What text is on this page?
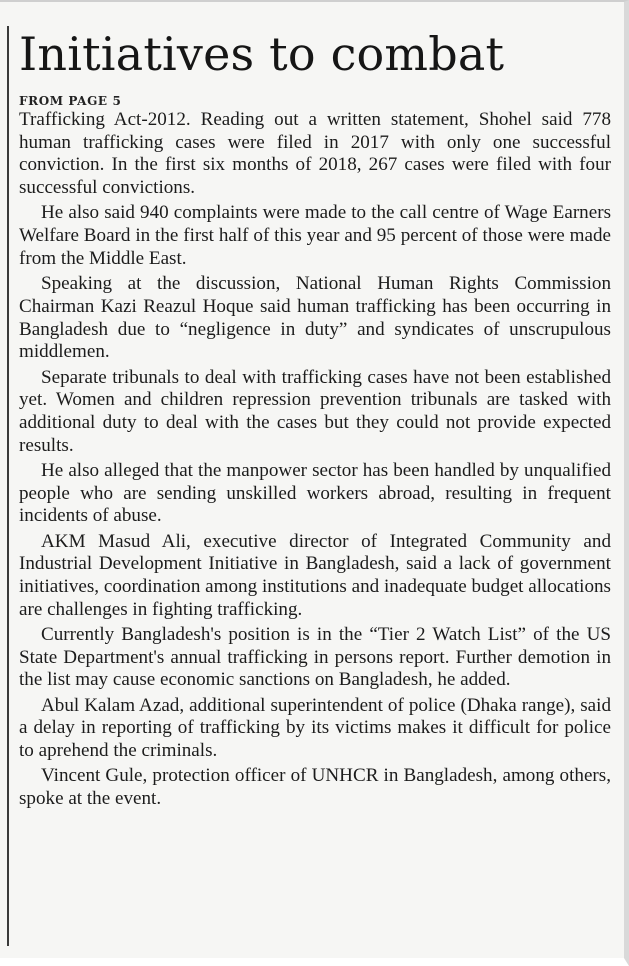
Initiatives to combat
FROM PAGE 5

Trafficking Act-2012. Reading out a written statement, Shohel said 778 human trafficking cases were filed in 2017 with only one successful conviction. In the first six months of 2018, 267 cases were filed with four successful convictions.

He also said 940 complaints were made to the call centre of Wage Earners Welfare Board in the first half of this year and 95 percent of those were made from the Middle East.

Speaking at the discussion, National Human Rights Commission Chairman Kazi Reazul Hoque said human trafficking has been occurring in Bangladesh due to “negligence in duty” and syndicates of unscrupulous middlemen.

Separate tribunals to deal with trafficking cases have not been established yet. Women and children repression prevention tribunals are tasked with additional duty to deal with the cases but they could not provide expected results.

He also alleged that the manpower sector has been handled by unqualified people who are sending unskilled workers abroad, resulting in frequent incidents of abuse.

AKM Masud Ali, executive director of Integrated Community and Industrial Development Initiative in Bangladesh, said a lack of government initiatives, coordination among institutions and inadequate budget allocations are challenges in fighting trafficking.

Currently Bangladesh's position is in the “Tier 2 Watch List” of the US State Department's annual trafficking in persons report. Further demotion in the list may cause economic sanctions on Bangladesh, he added.

Abul Kalam Azad, additional superintendent of police (Dhaka range), said a delay in reporting of trafficking by its victims makes it difficult for police to aprehend the criminals.

Vincent Gule, protection officer of UNHCR in Bangladesh, among others, spoke at the event.
